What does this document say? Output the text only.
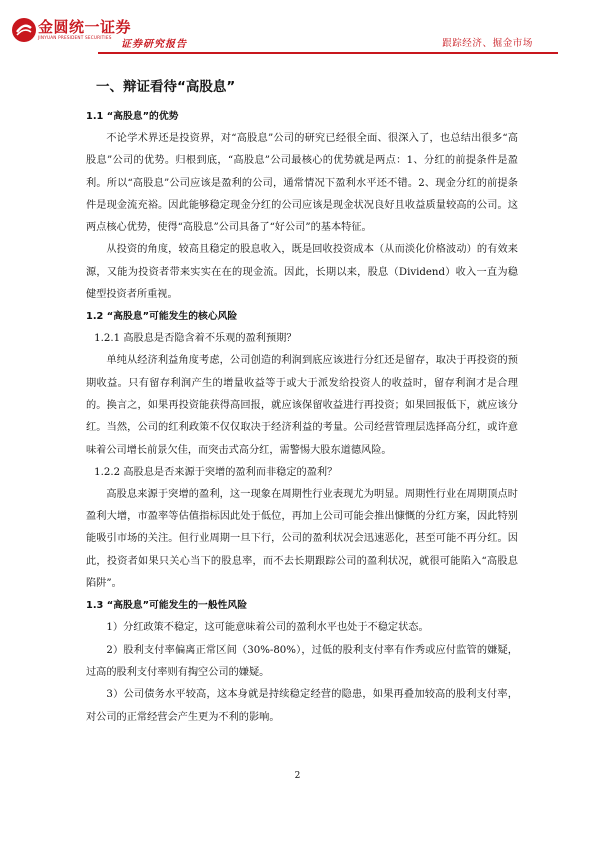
金圆统一证券
JINYUAN PRESIDENT SECURITIES
证券研究报告	跟踪经济、掘金市场
一、辩证看待“高股息”
1.1 “高股息”的优势

不论学术界还是投资界，对“高股息”公司的研究已经很全面、很深入了，也总结出很多“高股息”公司的优势。归根到底，“高股息”公司最核心的优势就是两点：1、分红的前提条件是盈利。所以“高股息”公司应该是盈利的公司，通常情况下盈利水平还不错。2、现金分红的前提条件是现金流充裕。因此能够稳定现金分红的公司应该是现金状况良好且收益质量较高的公司。这两点核心优势，使得“高股息”公司具备了“好公司”的基本特征。

从投资的角度，较高且稳定的股息收入，既是回收投资成本（从而淡化价格波动）的有效来源，又能为投资者带来实实在在的现金流。因此，长期以来，股息（Dividend）收入一直为稳健型投资者所重视。

1.2 “高股息”可能发生的核心风险

1.2.1 高股息是否隐含着不乐观的盈利预期？

单纯从经济利益角度考虑，公司创造的利润到底应该进行分红还是留存，取决于再投资的预期收益。只有留存利润产生的增量收益等于或大于派发给投资人的收益时，留存利润才是合理的。换言之，如果再投资能获得高回报，就应该保留收益进行再投资；如果回报低下，就应该分红。当然，公司的红利政策不仅仅取决于经济利益的考量。公司经营管理层选择高分红，或许意味着公司增长前景欠佳，而突击式高分红，需警惕大股东道德风险。

1.2.2 高股息是否来源于突增的盈利而非稳定的盈利？

高股息来源于突增的盈利，这一现象在周期性行业表现尤为明显。周期性行业在周期顶点时盈利大增，市盈率等估值指标因此处于低位，再加上公司可能会推出慷慨的分红方案，因此特别能吸引市场的关注。但行业周期一旦下行，公司的盈利状况会迅速恶化，甚至可能不再分红。因此，投资者如果只关心当下的股息率，而不去长期跟踪公司的盈利状况，就很可能陷入“高股息陷阱”。

1.3 “高股息”可能发生的一般性风险

1）分红政策不稳定，这可能意味着公司的盈利水平也处于不稳定状态。

2）股利支付率偏离正常区间（30%-80%），过低的股利支付率有作秀或应付监管的嫌疑，过高的股利支付率则有掏空公司的嫌疑。

3）公司债务水平较高，这本身就是持续稳定经营的隐患，如果再叠加较高的股利支付率，对公司的正常经营会产生更为不利的影响。

2
